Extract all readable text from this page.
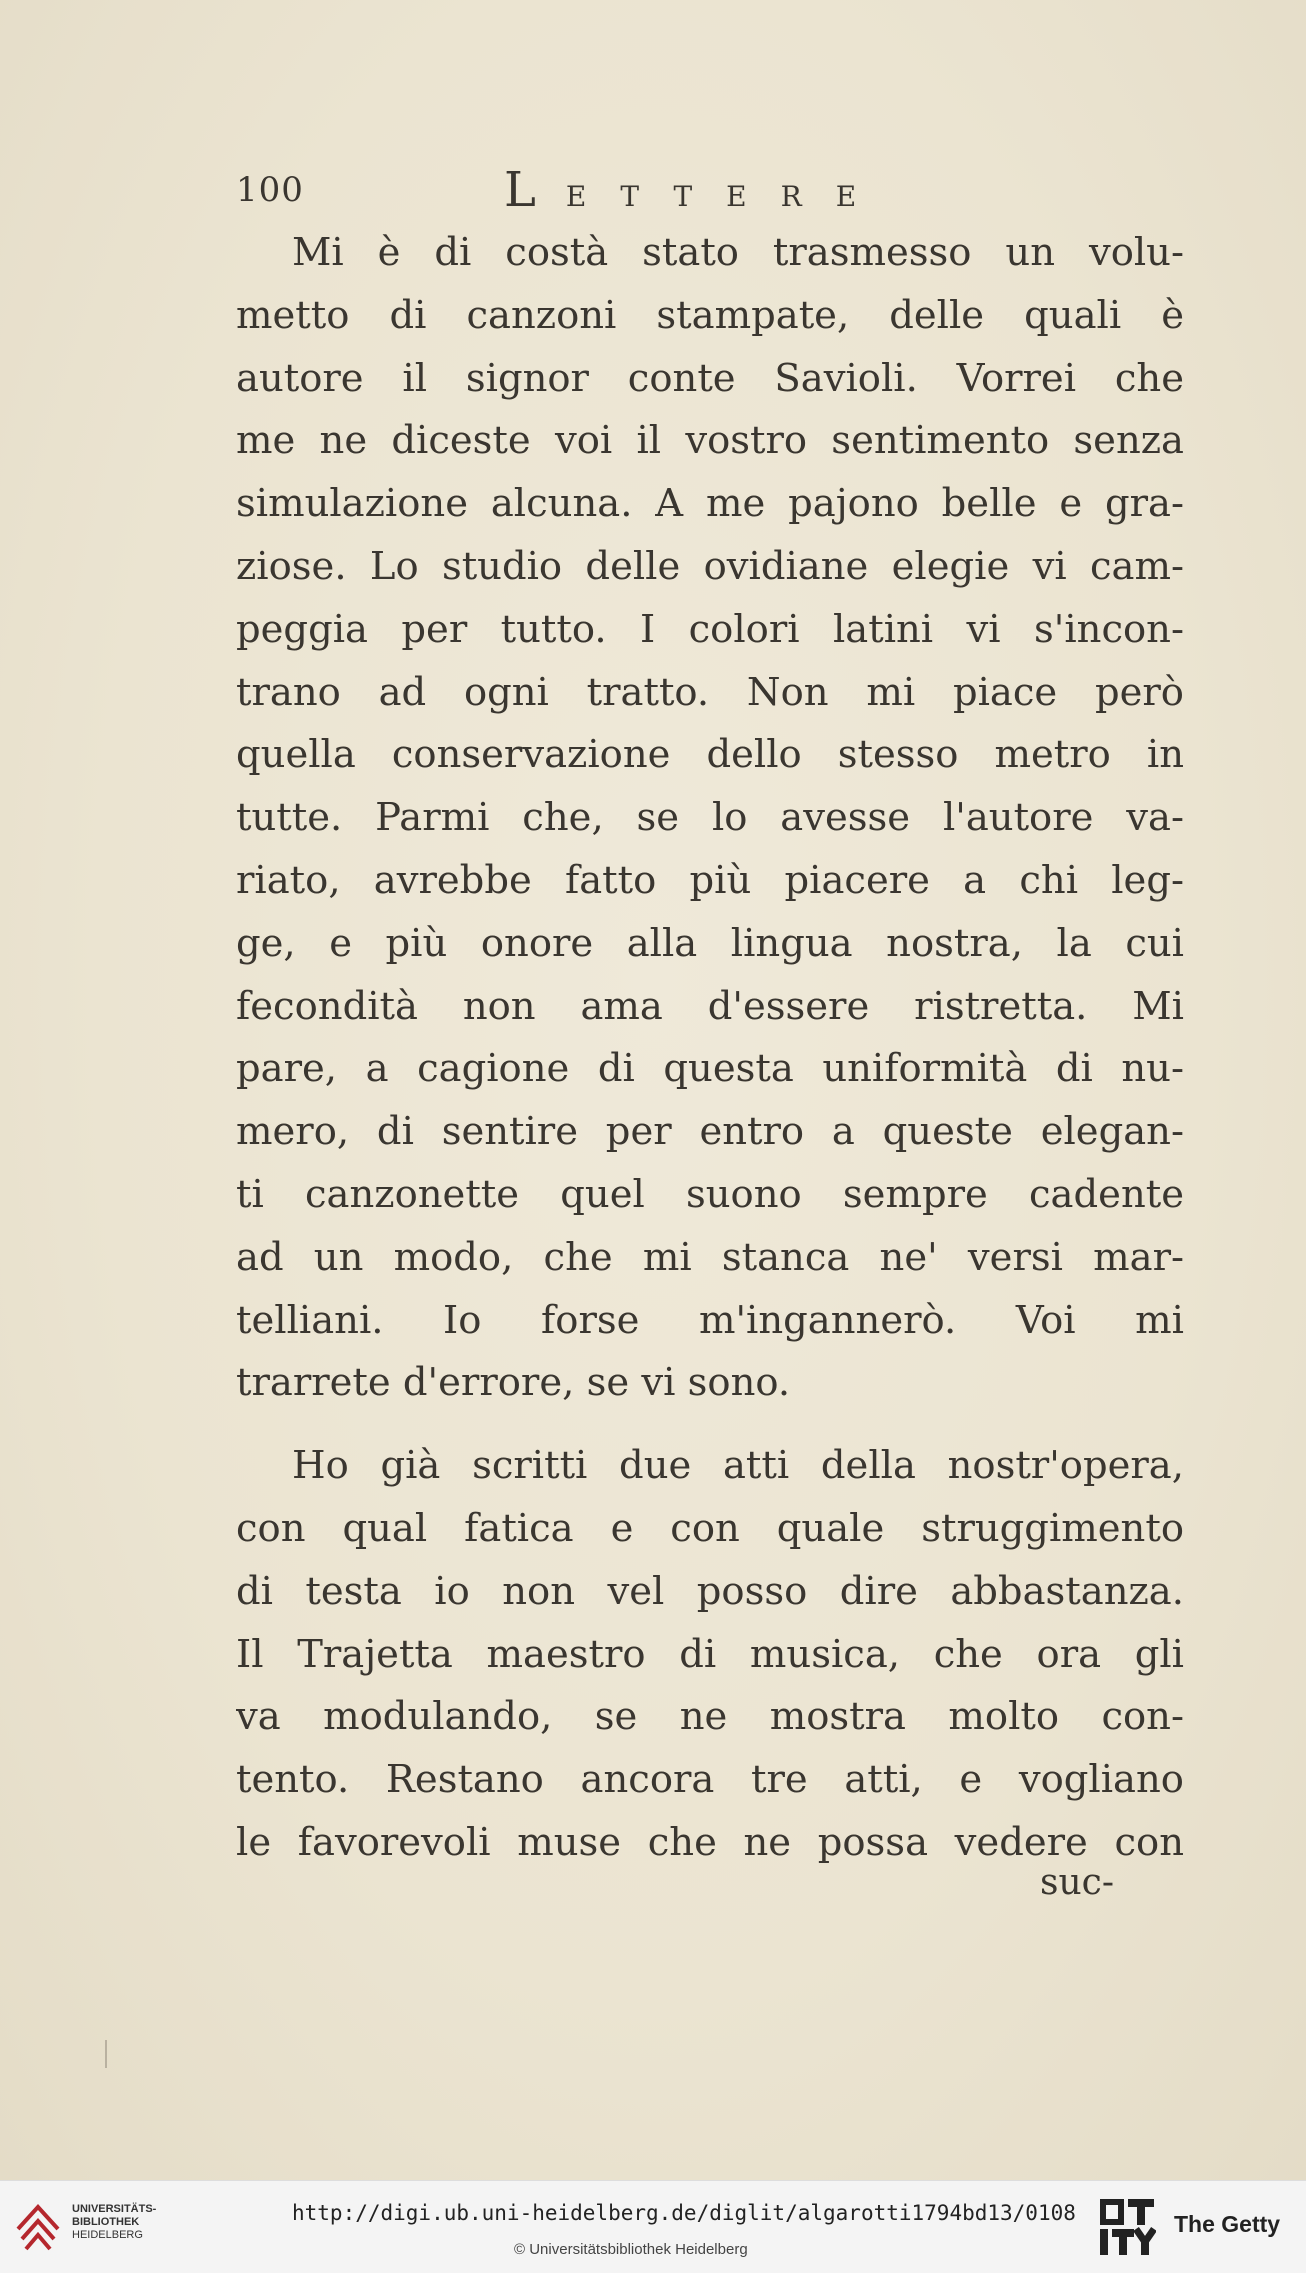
100	L ETTERE
Mi è di costà stato trasmesso un volu-
metto di canzoni stampate, delle quali è
autore il signor conte Savioli. Vorrei che
me ne diceste voi il vostro sentimento senza
simulazione alcuna. A me pajono belle e gra-
ziose. Lo studio delle ovidiane elegie vi cam-
peggia per tutto. I colori latini vi s'incon-
trano ad ogni tratto. Non mi piace però
quella conservazione dello stesso metro in
tutte. Parmi che, se lo avesse l'autore va-
riato, avrebbe fatto più piacere a chi leg-
ge, e più onore alla lingua nostra, la cui
fecondità non ama d'essere ristretta. Mi
pare, a cagione di questa uniformità di nu-
mero, di sentire per entro a queste elegan-
ti canzonette quel suono sempre cadente
ad un modo, che mi stanca ne' versi mar-
telliani. Io forse m'ingannerò. Voi mi
trarrete d'errore, se vi sono.
Ho già scritti due atti della nostr'opera,
con qual fatica e con quale struggimento
di testa io non vel posso dire abbastanza.
Il Trajetta maestro di musica, che ora gli
va modulando, se ne mostra molto con-
tento. Restano ancora tre atti, e vogliano
le favorevoli muse che ne possa vedere con
suc-
UNIVERSITÄTS-
BIBLIOTHEK
HEIDELBERG
http://digi.ub.uni-heidelberg.de/diglit/algarotti1794bd13/0108
© Universitätsbibliothek Heidelberg
The Getty
